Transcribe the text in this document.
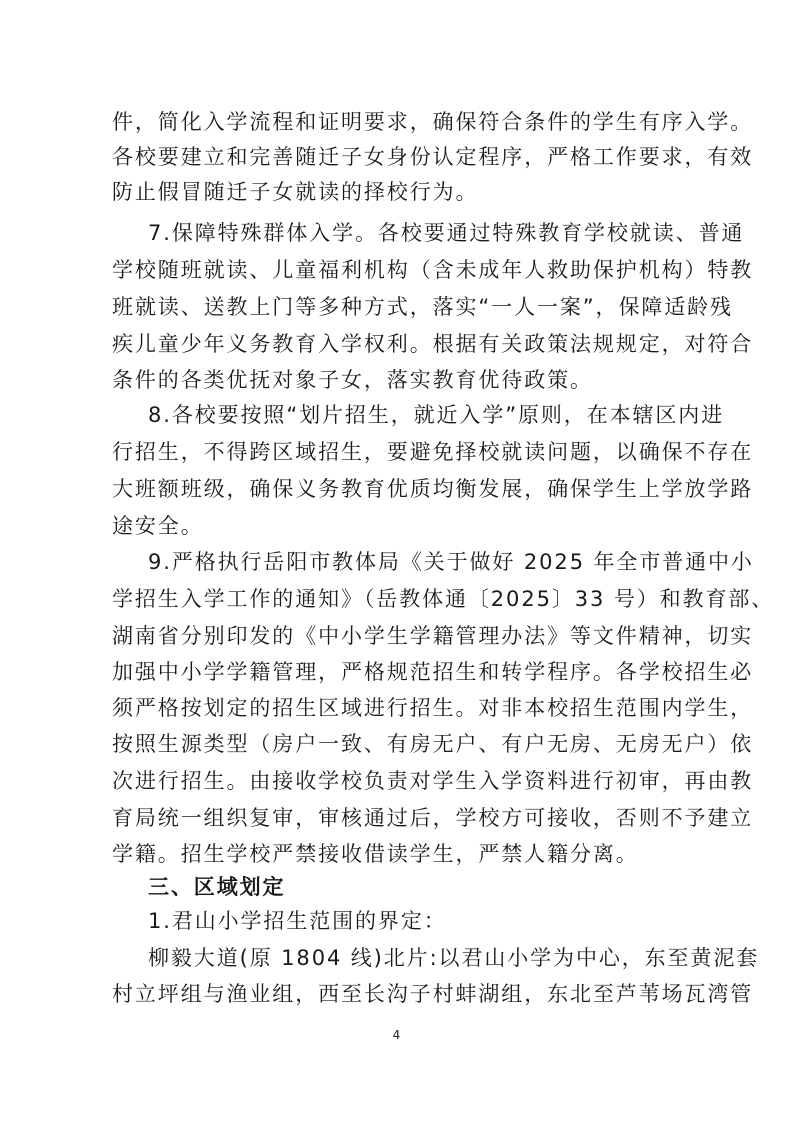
件，简化入学流程和证明要求，确保符合条件的学生有序入学。
各校要建立和完善随迁子女身份认定程序，严格工作要求，有效
防止假冒随迁子女就读的择校行为。
7.保障特殊群体入学。各校要通过特殊教育学校就读、普通
学校随班就读、儿童福利机构（含未成年人救助保护机构）特教
班就读、送教上门等多种方式，落实“一人一案”，保障适龄残
疾儿童少年义务教育入学权利。根据有关政策法规规定，对符合
条件的各类优抚对象子女，落实教育优待政策。
8.各校要按照“划片招生，就近入学”原则，在本辖区内进
行招生，不得跨区域招生，要避免择校就读问题，以确保不存在
大班额班级，确保义务教育优质均衡发展，确保学生上学放学路
途安全。
9.严格执行岳阳市教体局《关于做好 2025 年全市普通中小
学招生入学工作的通知》（岳教体通〔2025〕33 号）和教育部、
湖南省分别印发的《中小学生学籍管理办法》等文件精神，切实
加强中小学学籍管理，严格规范招生和转学程序。各学校招生必
须严格按划定的招生区域进行招生。对非本校招生范围内学生，
按照生源类型（房户一致、有房无户、有户无房、无房无户）依
次进行招生。由接收学校负责对学生入学资料进行初审，再由教
育局统一组织复审，审核通过后，学校方可接收，否则不予建立
学籍。招生学校严禁接收借读学生，严禁人籍分离。
三、区域划定
1.君山小学招生范围的界定：
柳毅大道(原 1804 线)北片:以君山小学为中心，东至黄泥套
村立坪组与渔业组，西至长沟子村蚌湖组，东北至芦苇场瓦湾管
4
